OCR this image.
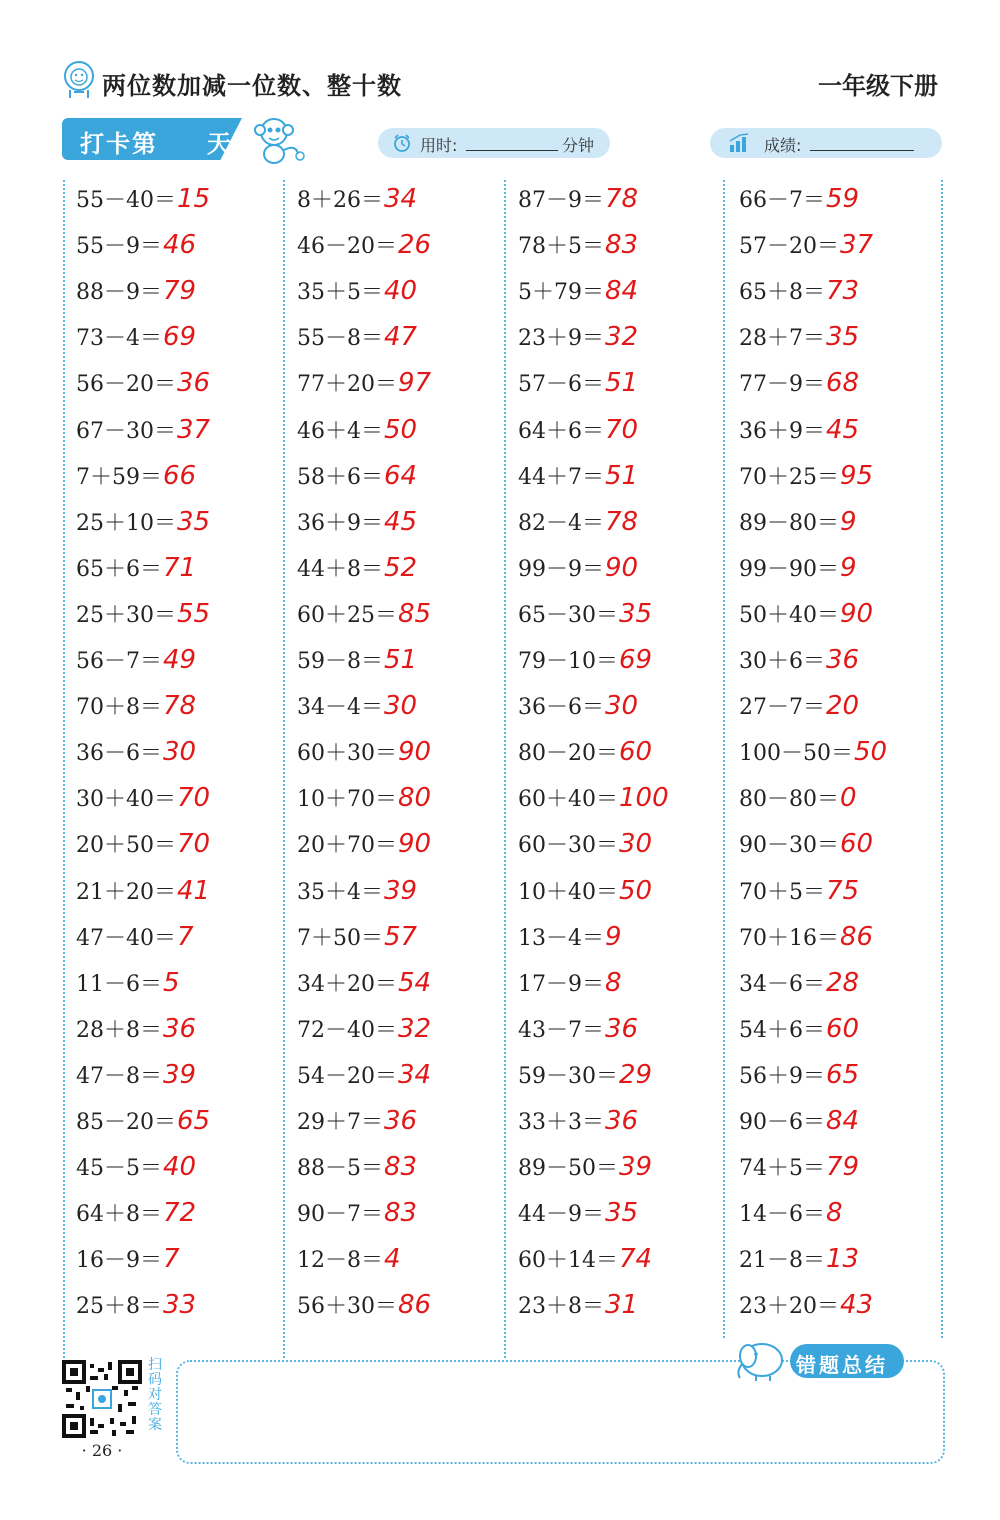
两位数加减一位数、整十数	一年级下册
打卡第 天	用时:	分钟	成绩:
55－40＝15
55－9＝46
88－9＝79
73－4＝69
56－20＝36
67－30＝37
7＋59＝66
25＋10＝35
65＋6＝71
25＋30＝55
56－7＝49
70＋8＝78
36－6＝30
30＋40＝70
20＋50＝70
21＋20＝41
47－40＝7
11－6＝5
28＋8＝36
47－8＝39
85－20＝65
45－5＝40
64＋8＝72
16－9＝7
25＋8＝33
8＋26＝34
46－20＝26
35＋5＝40
55－8＝47
77＋20＝97
46＋4＝50
58＋6＝64
36＋9＝45
44＋8＝52
60＋25＝85
59－8＝51
34－4＝30
60＋30＝90
10＋70＝80
20＋70＝90
35＋4＝39
7＋50＝57
34＋20＝54
72－40＝32
54－20＝34
29＋7＝36
88－5＝83
90－7＝83
12－8＝4
56＋30＝86
87－9＝78
78＋5＝83
5＋79＝84
23＋9＝32
57－6＝51
64＋6＝70
44＋7＝51
82－4＝78
99－9＝90
65－30＝35
79－10＝69
36－6＝30
80－20＝60
60＋40＝100
60－30＝30
10＋40＝50
13－4＝9
17－9＝8
43－7＝36
59－30＝29
33＋3＝36
89－50＝39
44－9＝35
60＋14＝74
23＋8＝31
66－7＝59
57－20＝37
65＋8＝73
28＋7＝35
77－9＝68
36＋9＝45
70＋25＝95
89－80＝9
99－90＝9
50＋40＝90
30＋6＝36
27－7＝20
100－50＝50
80－80＝0
90－30＝60
70＋5＝75
70＋16＝86
34－6＝28
54＋6＝60
56＋9＝65
90－6＝84
74＋5＝79
14－6＝8
21－8＝13
23＋20＝43
错题总结
扫码对答案
· 26 ·
